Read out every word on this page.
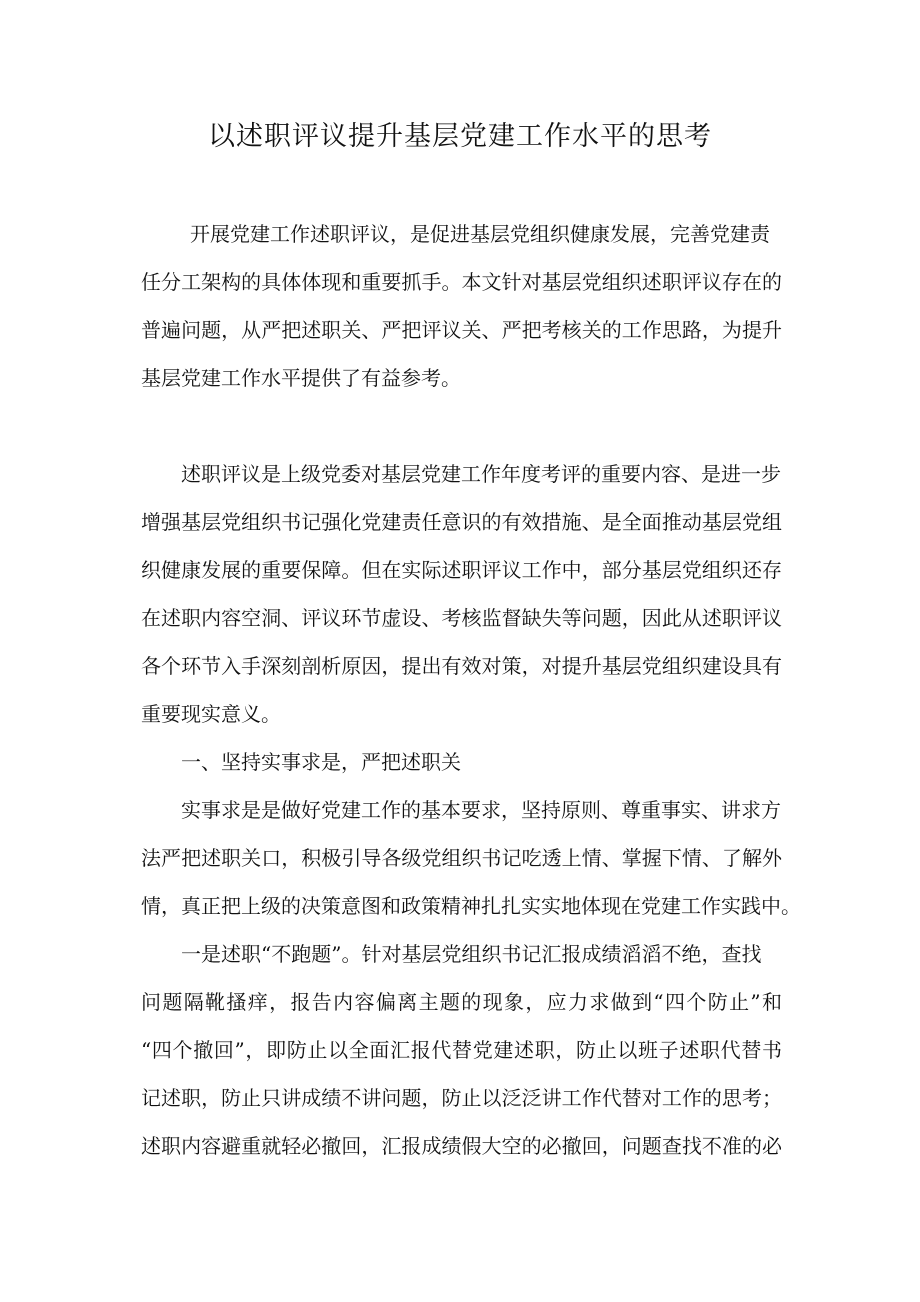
以述职评议提升基层党建工作水平的思考
开展党建工作述职评议，是促进基层党组织健康发展，完善党建责
任分工架构的具体体现和重要抓手。本文针对基层党组织述职评议存在的
普遍问题，从严把述职关、严把评议关、严把考核关的工作思路，为提升
基层党建工作水平提供了有益参考。
述职评议是上级党委对基层党建工作年度考评的重要内容、是进一步
增强基层党组织书记强化党建责任意识的有效措施、是全面推动基层党组
织健康发展的重要保障。但在实际述职评议工作中，部分基层党组织还存
在述职内容空洞、评议环节虚设、考核监督缺失等问题，因此从述职评议
各个环节入手深刻剖析原因，提出有效对策，对提升基层党组织建设具有
重要现实意义。
一、坚持实事求是，严把述职关
实事求是是做好党建工作的基本要求，坚持原则、尊重事实、讲求方
法严把述职关口，积极引导各级党组织书记吃透上情、掌握下情、了解外
情，真正把上级的决策意图和政策精神扎扎实实地体现在党建工作实践中。
一是述职“不跑题”。针对基层党组织书记汇报成绩滔滔不绝，查找
问题隔靴搔痒，报告内容偏离主题的现象，应力求做到“四个防止”和
“四个撤回”，即防止以全面汇报代替党建述职，防止以班子述职代替书
记述职，防止只讲成绩不讲问题，防止以泛泛讲工作代替对工作的思考；
述职内容避重就轻必撤回，汇报成绩假大空的必撤回，问题查找不准的必
